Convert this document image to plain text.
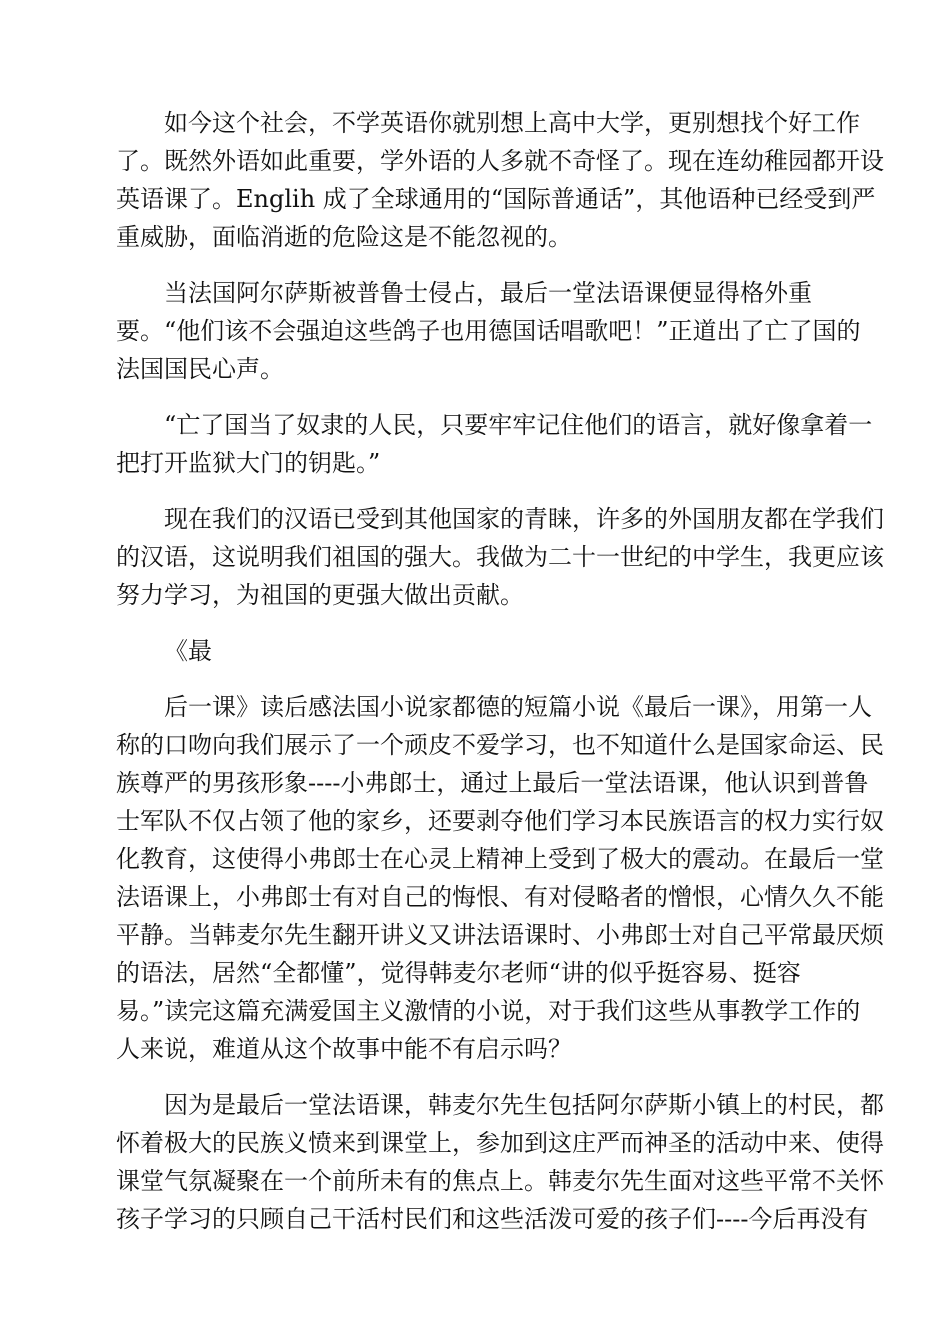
如今这个社会，不学英语你就别想上高中大学，更别想找个好工作
了。既然外语如此重要，学外语的人多就不奇怪了。现在连幼稚园都开设
英语课了。Englih 成了全球通用的“国际普通话”，其他语种已经受到严
重威胁，面临消逝的危险这是不能忽视的。
当法国阿尔萨斯被普鲁士侵占，最后一堂法语课便显得格外重
要。“他们该不会强迫这些鸽子也用德国话唱歌吧！”正道出了亡了国的
法国国民心声。
“亡了国当了奴隶的人民，只要牢牢记住他们的语言，就好像拿着一
把打开监狱大门的钥匙。”
现在我们的汉语已受到其他国家的青睐，许多的外国朋友都在学我们
的汉语，这说明我们祖国的强大。我做为二十一世纪的中学生，我更应该
努力学习，为祖国的更强大做出贡献。
《最
后一课》读后感法国小说家都德的短篇小说《最后一课》，用第一人
称的口吻向我们展示了一个顽皮不爱学习，也不知道什么是国家命运、民
族尊严的男孩形象----小弗郎士，通过上最后一堂法语课，他认识到普鲁
士军队不仅占领了他的家乡，还要剥夺他们学习本民族语言的权力实行奴
化教育，这使得小弗郎士在心灵上精神上受到了极大的震动。在最后一堂
法语课上，小弗郎士有对自己的悔恨、有对侵略者的憎恨，心情久久不能
平静。当韩麦尔先生翻开讲义又讲法语课时、小弗郎士对自己平常最厌烦
的语法，居然“全都懂”，觉得韩麦尔老师“讲的似乎挺容易、挺容
易。”读完这篇充满爱国主义激情的小说，对于我们这些从事教学工作的
人来说，难道从这个故事中能不有启示吗？
因为是最后一堂法语课，韩麦尔先生包括阿尔萨斯小镇上的村民，都
怀着极大的民族义愤来到课堂上，参加到这庄严而神圣的活动中来、使得
课堂气氛凝聚在一个前所未有的焦点上。韩麦尔先生面对这些平常不关怀
孩子学习的只顾自己干活村民们和这些活泼可爱的孩子们----今后再没有
